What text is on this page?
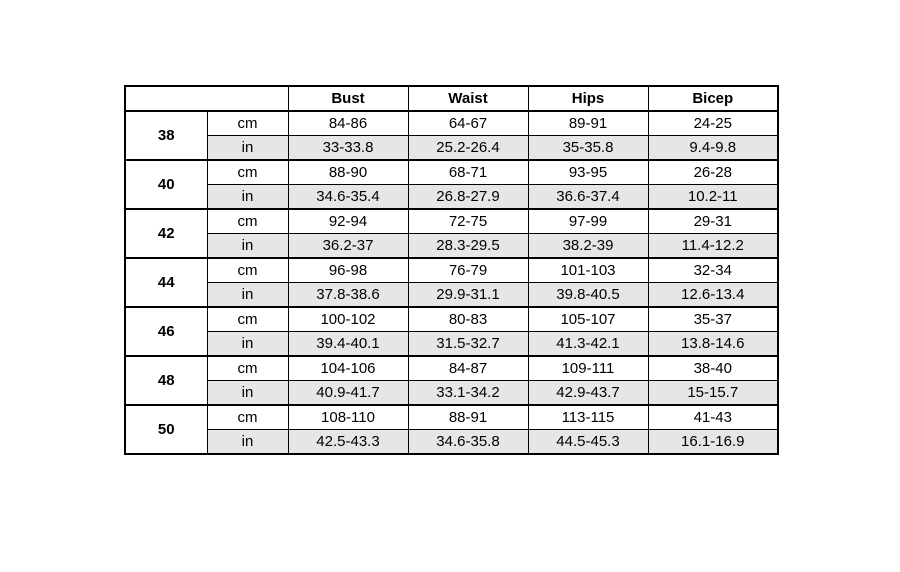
		Bust	Waist	Hips	Bicep
38	cm	84-86	64-67	89-91	24-25
	in	33-33.8	25.2-26.4	35-35.8	9.4-9.8
40	cm	88-90	68-71	93-95	26-28
	in	34.6-35.4	26.8-27.9	36.6-37.4	10.2-11
42	cm	92-94	72-75	97-99	29-31
	in	36.2-37	28.3-29.5	38.2-39	11.4-12.2
44	cm	96-98	76-79	101-103	32-34
	in	37.8-38.6	29.9-31.1	39.8-40.5	12.6-13.4
46	cm	100-102	80-83	105-107	35-37
	in	39.4-40.1	31.5-32.7	41.3-42.1	13.8-14.6
48	cm	104-106	84-87	109-111	38-40
	in	40.9-41.7	33.1-34.2	42.9-43.7	15-15.7
50	cm	108-110	88-91	113-115	41-43
	in	42.5-43.3	34.6-35.8	44.5-45.3	16.1-16.9
